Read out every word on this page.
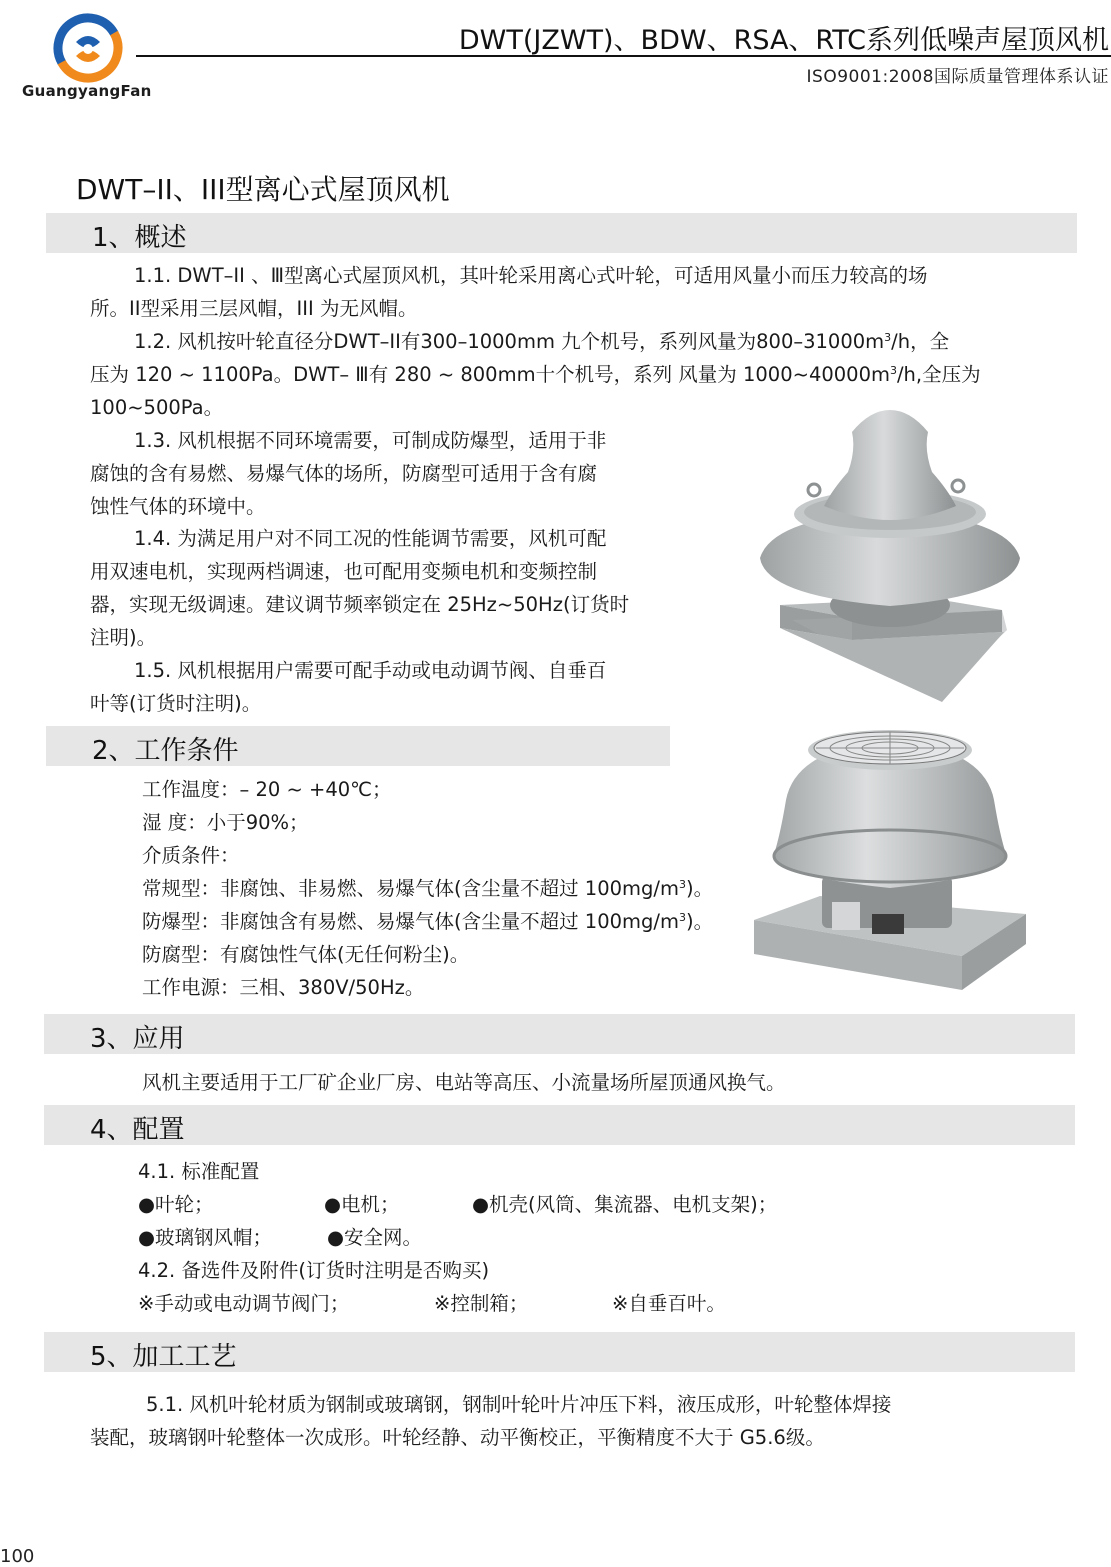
GuangyangFan
DWT(JZWT)、BDW、RSA、RTC系列低噪声屋顶风机
ISO9001:2008国际质量管理体系认证
DWT–II、III型离心式屋顶风机
1、概述
1.1. DWT–II 、Ⅲ型离心式屋顶风机，其叶轮采用离心式叶轮，可适用风量小而压力较高的场
所。II型采用三层风帽，III 为无风帽。
1.2. 风机按叶轮直径分DWT–II有300–1000mm 九个机号，系列风量为$800-31000m^3/h$，全
压为 120 ~ 1100Pa。DWT– Ⅲ有 280 ~ 800mm十个机号，系列 风量为 $1000\sim 40000m^3/h$,全压为
100~500Pa。
1.3. 风机根据不同环境需要，可制成防爆型，适用于非
腐蚀的含有易燃、易爆气体的场所，防腐型可适用于含有腐
蚀性气体的环境中。
1.4. 为满足用户对不同工况的性能调节需要，风机可配
用双速电机，实现两档调速，也可配用变频电机和变频控制
器，实现无级调速。建议调节频率锁定在 25Hz~50Hz(订货时
注明)。
1.5. 风机根据用户需要可配手动或电动调节阀、自垂百
叶等(订货时注明)。
2、工作条件
工作温度：– 20 ~ +40℃；
湿 度：小于90%；
介质条件：
常规型：非腐蚀、非易燃、易爆气体(含尘量不超过 $100mg/m^3$)。
防爆型：非腐蚀含有易燃、易爆气体(含尘量不超过 $100mg/m^3$)。
防腐型：有腐蚀性气体(无任何粉尘)。
工作电源：三相、380V/50Hz。
3、应用
风机主要适用于工厂矿企业厂房、电站等高压、小流量场所屋顶通风换气。
4、配置
4.1. 标准配置
●叶轮；	●电机；	●机壳(风筒、集流器、电机支架)；
●玻璃钢风帽；	●安全网。
4.2. 备选件及附件(订货时注明是否购买)
※手动或电动调节阀门；	※控制箱；	※自垂百叶。
5、加工工艺
5.1. 风机叶轮材质为钢制或玻璃钢，钢制叶轮叶片冲压下料，液压成形，叶轮整体焊接
装配，玻璃钢叶轮整体一次成形。叶轮经静、动平衡校正，平衡精度不大于 G5.6级。
100
